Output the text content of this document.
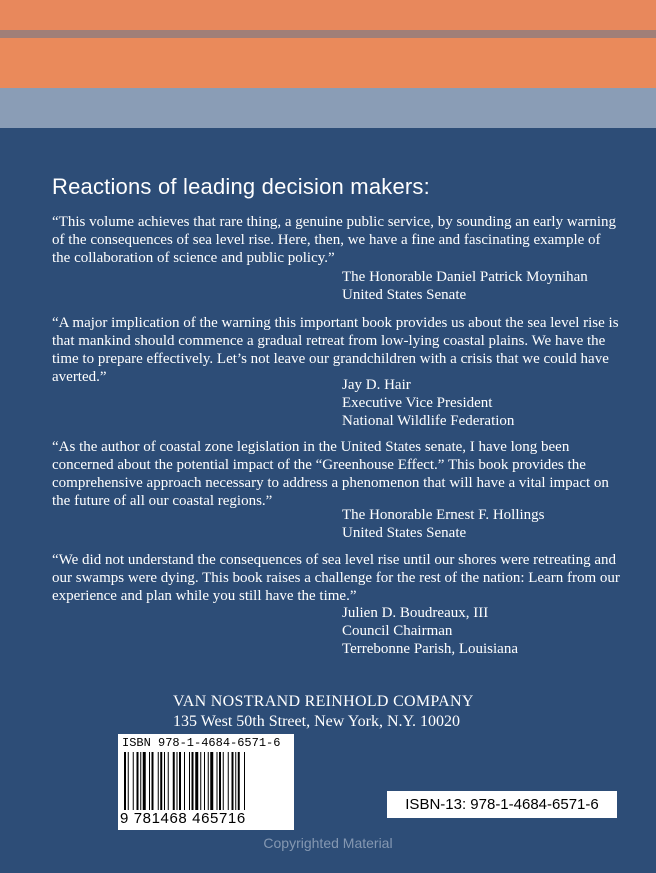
Reactions of leading decision makers:
“This volume achieves that rare thing, a genuine public service, by sounding an early warning of the consequences of sea level rise. Here, then, we have a fine and fascinating example of the collaboration of science and public policy.”
The Honorable Daniel Patrick Moynihan
United States Senate
“A major implication of the warning this important book provides us about the sea level rise is that mankind should commence a gradual retreat from low-lying coastal plains. We have the time to prepare effectively. Let’s not leave our grandchildren with a crisis that we could have averted.”	Jay D. Hair
Executive Vice President
National Wildlife Federation
“As the author of coastal zone legislation in the United States senate, I have long been concerned about the potential impact of the “Greenhouse Effect.” This book provides the comprehensive approach necessary to address a phenomenon that will have a vital impact on the future of all our coastal regions.”
The Honorable Ernest F. Hollings
United States Senate
“We did not understand the consequences of sea level rise until our shores were retreating and our swamps were dying. This book raises a challenge for the rest of the nation: Learn from our experience and plan while you still have the time.”
Julien D. Boudreaux, III
Council Chairman
Terrebonne Parish, Louisiana
VAN NOSTRAND REINHOLD COMPANY
135 West 50th Street, New York, N.Y. 10020
ISBN 978-1-4684-6571-6
9 781468 465716
ISBN-13: 978-1-4684-6571-6
Copyrighted Material
